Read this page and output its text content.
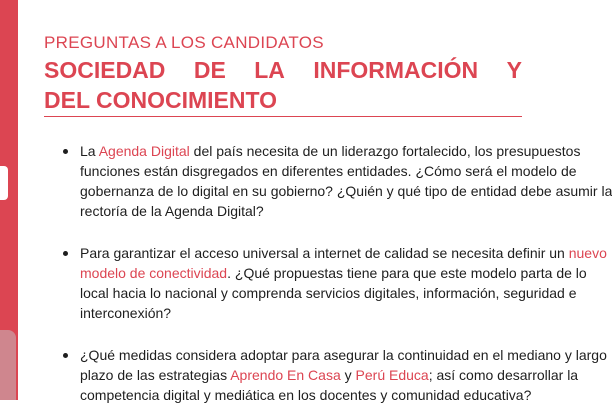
PREGUNTAS A LOS CANDIDATOS
SOCIEDAD DE LA INFORMACIÓN Y
DEL CONOCIMIENTO
La Agenda Digital del país necesita de un liderazgo fortalecido, los presupuestos
funciones están disgregados en diferentes entidades. ¿Cómo será el modelo de
gobernanza de lo digital en su gobierno? ¿Quién y qué tipo de entidad debe asumir la
rectoría de la Agenda Digital?
Para garantizar el acceso universal a internet de calidad se necesita definir un nuevo
modelo de conectividad. ¿Qué propuestas tiene para que este modelo parta de lo
local hacia lo nacional y comprenda servicios digitales, información, seguridad e
interconexión?
¿Qué medidas considera adoptar para asegurar la continuidad en el mediano y largo
plazo de las estrategias Aprendo En Casa y Perú Educa; así como desarrollar la
competencia digital y mediática en los docentes y comunidad educativa?
